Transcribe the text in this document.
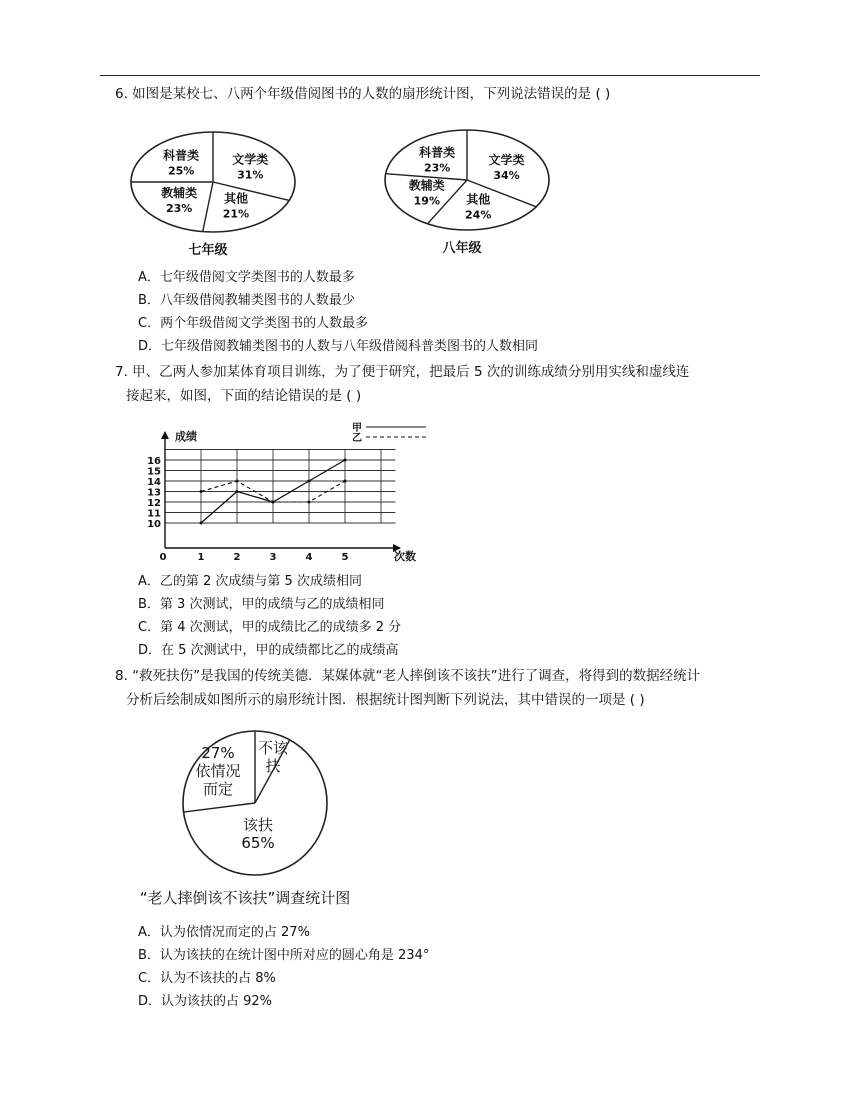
6. 如图是某校七、八两个年级借阅图书的人数的扇形统计图，下列说法错误的是 ( )
文学类
31%
其他
21%
教辅类
23%
科普类
25%
七年级
文学类
34%
其他
24%
教辅类
19%
科普类
23%
八年级
A．七年级借阅文学类图书的人数最多
B．八年级借阅教辅类图书的人数最少
C．两个年级借阅文学类图书的人数最多
D．七年级借阅教辅类图书的人数与八年级借阅科普类图书的人数相同
7. 甲、乙两人参加某体育项目训练，为了便于研究，把最后 5 次的训练成绩分别用实线和虚线连
接起来，如图，下面的结论错误的是 ( )
成绩
次数
10
11
12
13
14
15
16
0	1	2	3	4	5
甲
乙
A．乙的第 2 次成绩与第 5 次成绩相同
B．第 3 次测试，甲的成绩与乙的成绩相同
C．第 4 次测试，甲的成绩比乙的成绩多 2 分
D．在 5 次测试中，甲的成绩都比乙的成绩高
8. “救死扶伤”是我国的传统美德．某媒体就“老人摔倒该不该扶”进行了调查，将得到的数据经统计
分析后绘制成如图所示的扇形统计图．根据统计图判断下列说法，其中错误的一项是 ( )
不该
扶
该扶
65%
27%
依情况
而定
“老人摔倒该不该扶”调查统计图
A．认为依情况而定的占 27%
B．认为该扶的在统计图中所对应的圆心角是 234°
C．认为不该扶的占 8%
D．认为该扶的占 92%
